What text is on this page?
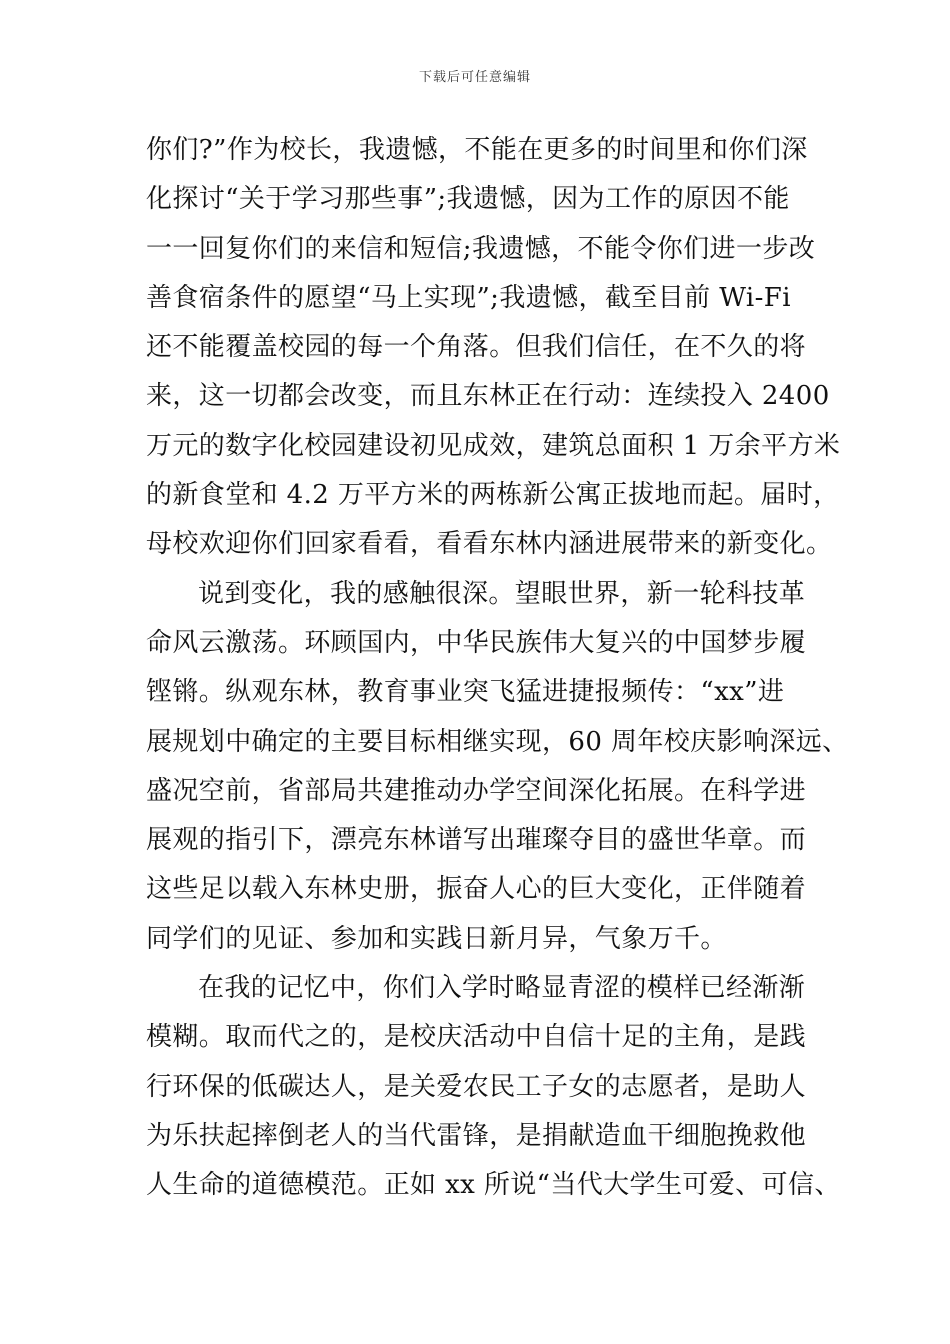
下载后可任意编辑
你们?”作为校长，我遗憾，不能在更多的时间里和你们深
化探讨“关于学习那些事”;我遗憾，因为工作的原因不能
一一回复你们的来信和短信;我遗憾，不能令你们进一步改
善食宿条件的愿望“马上实现”;我遗憾，截至目前 Wi-Fi
还不能覆盖校园的每一个角落。但我们信任，在不久的将
来，这一切都会改变，而且东林正在行动：连续投入 2400
万元的数字化校园建设初见成效，建筑总面积 1 万余平方米
的新食堂和 4.2 万平方米的两栋新公寓正拔地而起。届时，
母校欢迎你们回家看看，看看东林内涵进展带来的新变化。
说到变化，我的感触很深。望眼世界，新一轮科技革
命风云激荡。环顾国内，中华民族伟大复兴的中国梦步履
铿锵。纵观东林，教育事业突飞猛进捷报频传：“xx”进
展规划中确定的主要目标相继实现，60 周年校庆影响深远、
盛况空前，省部局共建推动办学空间深化拓展。在科学进
展观的指引下，漂亮东林谱写出璀璨夺目的盛世华章。而
这些足以载入东林史册，振奋人心的巨大变化，正伴随着
同学们的见证、参加和实践日新月异，气象万千。
在我的记忆中，你们入学时略显青涩的模样已经渐渐
模糊。取而代之的，是校庆活动中自信十足的主角，是践
行环保的低碳达人，是关爱农民工子女的志愿者，是助人
为乐扶起摔倒老人的当代雷锋，是捐献造血干细胞挽救他
人生命的道德模范。正如 xx 所说“当代大学生可爱、可信、
